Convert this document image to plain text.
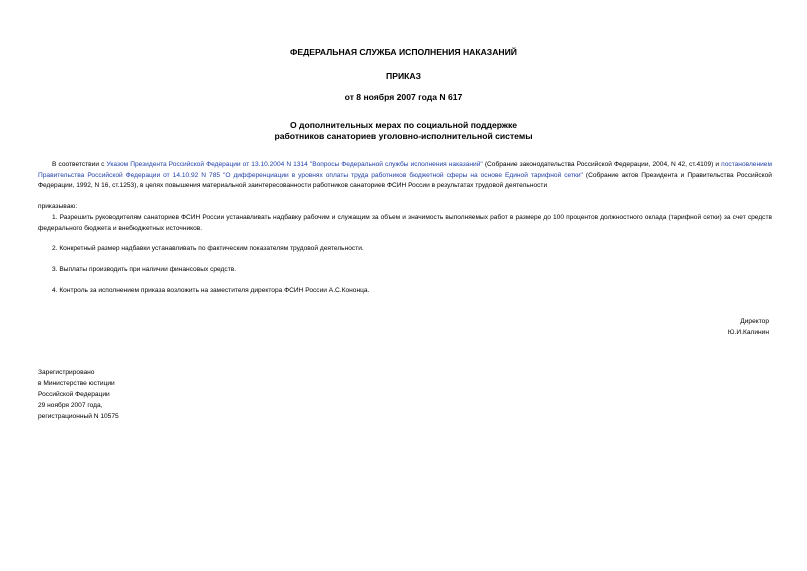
ФЕДЕРАЛЬНАЯ СЛУЖБА ИСПОЛНЕНИЯ НАКАЗАНИЙ
ПРИКАЗ
от 8 ноября 2007 года N 617
О дополнительных мерах по социальной поддержке
работников санаториев уголовно-исполнительной системы
В соответствии с Указом Президента Российской Федерации от 13.10.2004 N 1314 "Вопросы Федеральной службы исполнения наказаний" (Собрание законодательства Российской Федерации, 2004, N 42, ст.4109) и постановлением Правительства Российской Федерации от 14.10.92 N 785 "О дифференциации в уровнях оплаты труда работников бюджетной сферы на основе Единой тарифной сетки" (Собрание актов Президента и Правительства Российской Федерации, 1992, N 16, ст.1253), в целях повышения материальной заинтересованности работников санаториев ФСИН России в результатах трудовой деятельности
приказываю:
1. Разрешить руководителям санаториев ФСИН России устанавливать надбавку рабочим и служащим за объем и значимость выполняемых работ в размере до 100 процентов должностного оклада (тарифной сетки) за счет средств федерального бюджета и внебюджетных источников.
2. Конкретный размер надбавки устанавливать по фактическим показателям трудовой деятельности.
3. Выплаты производить при наличии финансовых средств.
4. Контроль за исполнением приказа возложить на заместителя директора ФСИН России А.С.Кононца.
Директор
Ю.И.Калинин
Зарегистрировано
в Министерстве юстиции
Российской Федерации
29 ноября 2007 года,
регистрационный N 10575
